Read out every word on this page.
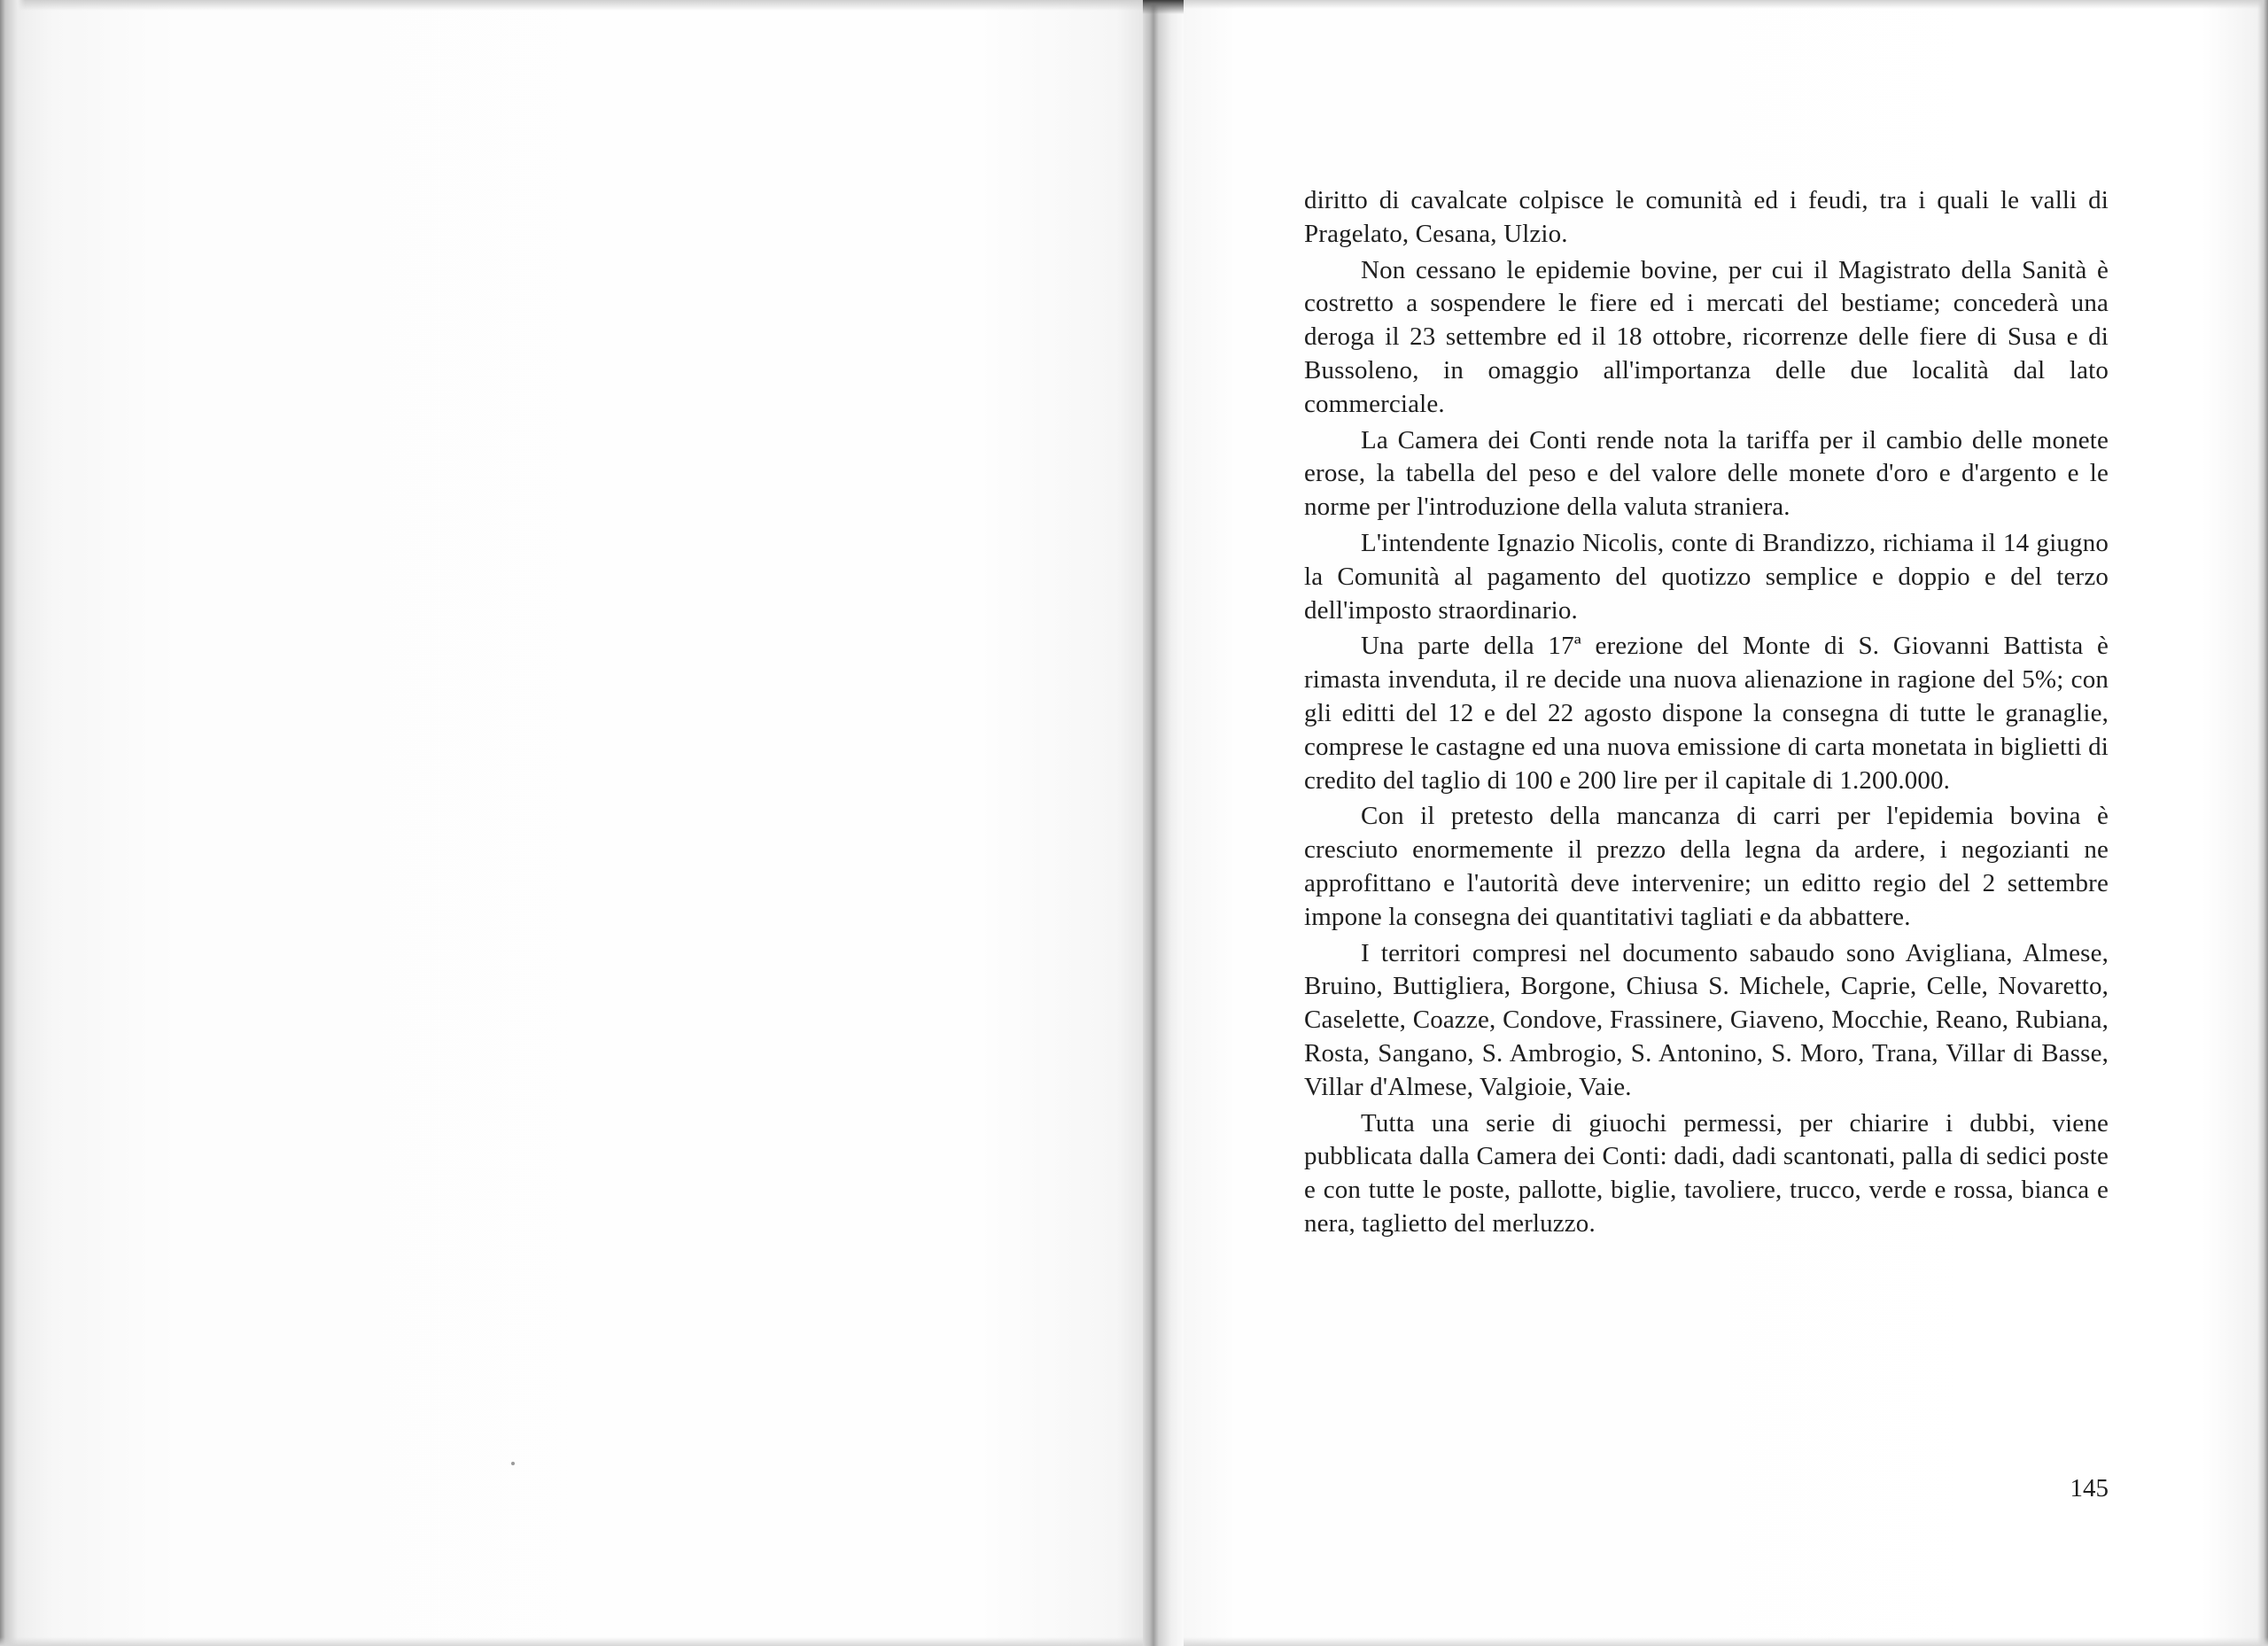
diritto di cavalcate colpisce le comunità ed i feudi, tra i quali le valli di Pragelato, Cesana, Ulzio.

Non cessano le epidemie bovine, per cui il Magistrato della Sanità è costretto a sospendere le fiere ed i mercati del bestiame; concederà una deroga il 23 settembre ed il 18 ottobre, ricorrenze delle fiere di Susa e di Bussoleno, in omaggio all'importanza delle due località dal lato commerciale.

La Camera dei Conti rende nota la tariffa per il cambio delle monete erose, la tabella del peso e del valore delle monete d'oro e d'argento e le norme per l'introduzione della valuta straniera.

L'intendente Ignazio Nicolis, conte di Brandizzo, richiama il 14 giugno la Comunità al pagamento del quotizzo semplice e doppio e del terzo dell'imposto straordinario.

Una parte della 17ª erezione del Monte di S. Giovanni Battista è rimasta invenduta, il re decide una nuova alienazione in ragione del 5%; con gli editti del 12 e del 22 agosto dispone la consegna di tutte le granaglie, comprese le castagne ed una nuova emissione di carta monetata in biglietti di credito del taglio di 100 e 200 lire per il capitale di 1.200.000.

Con il pretesto della mancanza di carri per l'epidemia bovina è cresciuto enormemente il prezzo della legna da ardere, i negozianti ne approfittano e l'autorità deve intervenire; un editto regio del 2 settembre impone la consegna dei quantitativi tagliati e da abbattere.

I territori compresi nel documento sabaudo sono Avigliana, Almese, Bruino, Buttigliera, Borgone, Chiusa S. Michele, Caprie, Celle, Novaretto, Caselette, Coazze, Condove, Frassinere, Giaveno, Mocchie, Reano, Rubiana, Rosta, Sangano, S. Ambrogio, S. Antonino, S. Moro, Trana, Villar di Basse, Villar d'Almese, Valgioie, Vaie.

Tutta una serie di giuochi permessi, per chiarire i dubbi, viene pubblicata dalla Camera dei Conti: dadi, dadi scantonati, palla di sedici poste e con tutte le poste, pallotte, biglie, tavoliere, trucco, verde e rossa, bianca e nera, taglietto del merluzzo.

145
